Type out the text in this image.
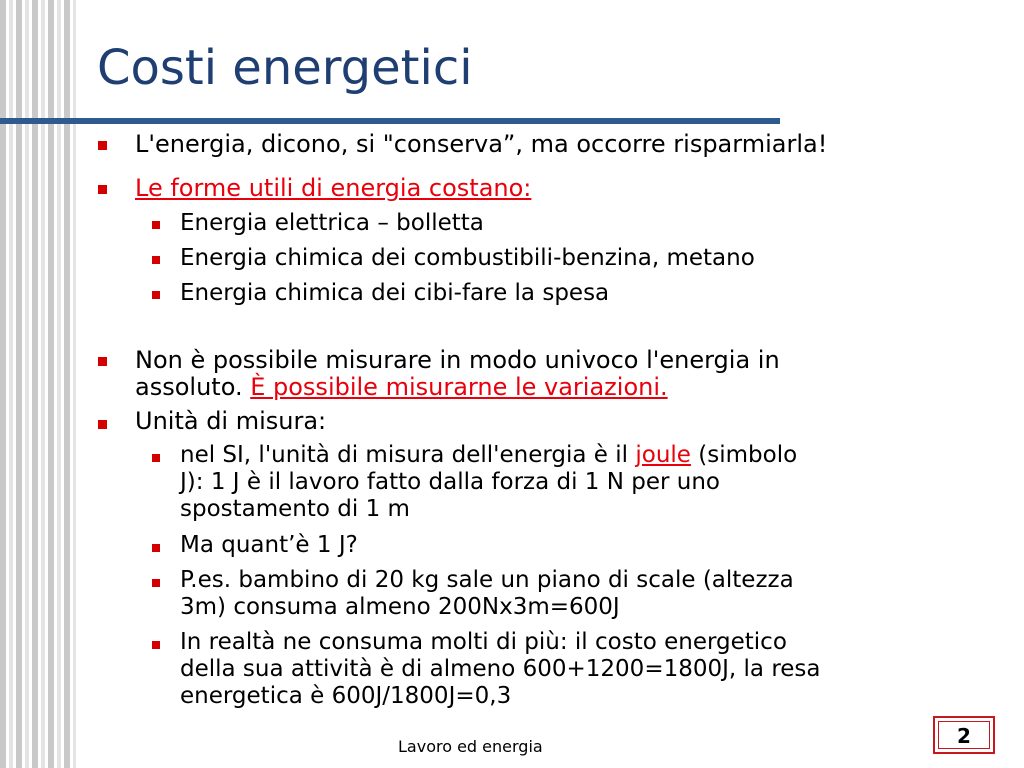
Costi energetici

L'energia, dicono, si "conserva”, ma occorre risparmiarla!

Le forme utili di energia costano:

Energia elettrica – bolletta

Energia chimica dei combustibili-benzina, metano

Energia chimica dei cibi-fare la spesa

Non è possibile misurare in modo univoco l'energia in

assoluto. È possibile misurarne le variazioni.

Unità di misura:

nel SI, l'unità di misura dell'energia è il joule (simbolo

J): 1 J è il lavoro fatto dalla forza di 1 N per uno

spostamento di 1 m

Ma quant’è 1 J?

P.es. bambino di 20 kg sale un piano di scale (altezza

3m) consuma almeno 200Nx3m=600J

In realtà ne consuma molti di più: il costo energetico

della sua attività è di almeno 600+1200=1800J, la resa

energetica è 600J/1800J=0,3

Lavoro ed energia	2
